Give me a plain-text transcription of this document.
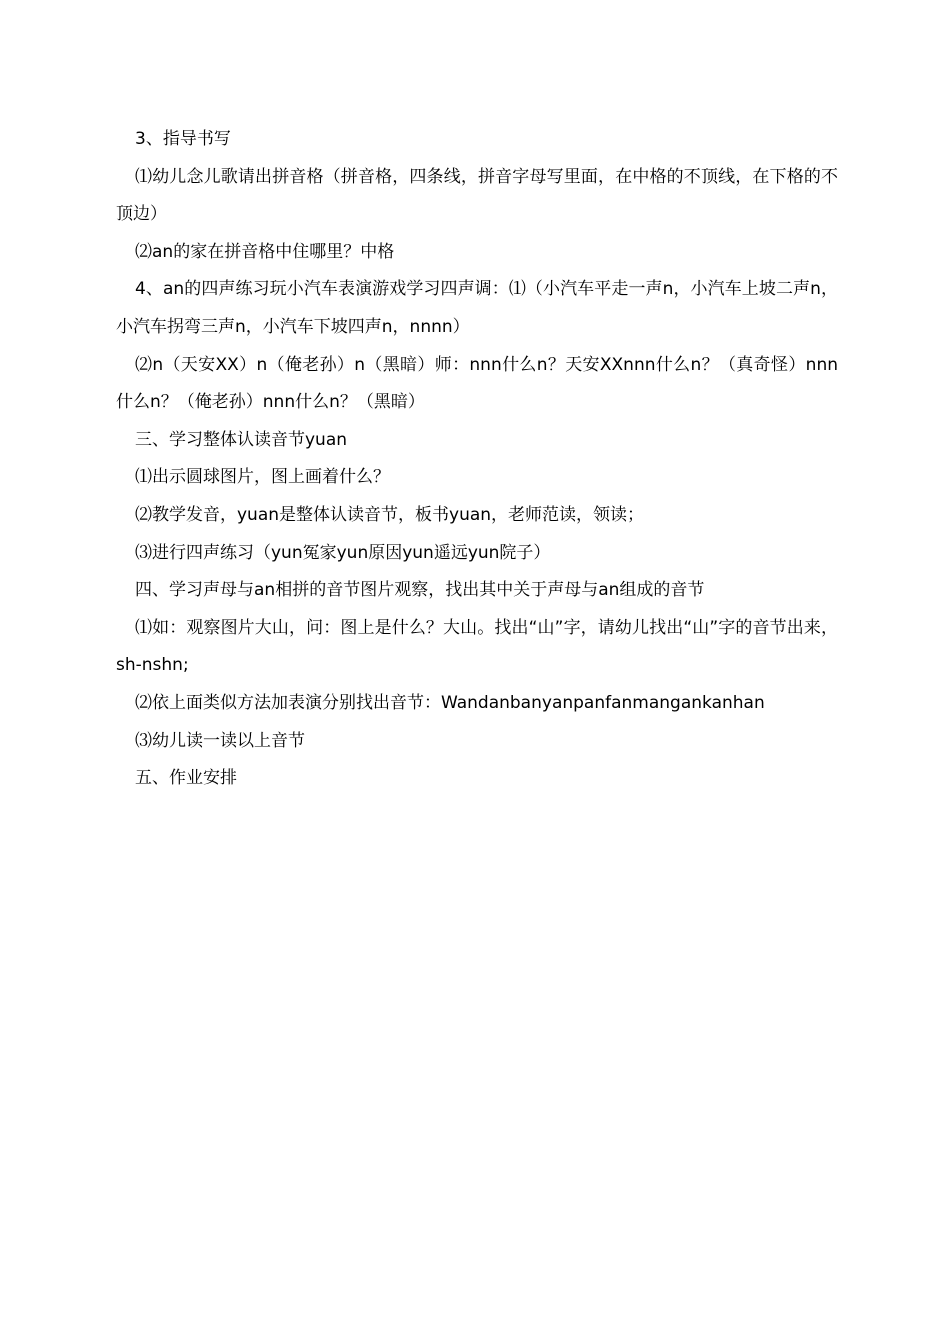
3、指导书写

⑴幼儿念儿歌请出拼音格（拼音格，四条线，拼音字母写里面，在中格的不顶线，在下格的不顶边）

⑵an的家在拼音格中住哪里？中格

4、an的四声练习玩小汽车表演游戏学习四声调：⑴（小汽车平走一声n，小汽车上坡二声n，小汽车拐弯三声n，小汽车下坡四声n，nnnn）

⑵n（天安XX）n（俺老孙）n（黑暗）师：nnn什么n？天安XXnnn什么n？（真奇怪）nnn什么n？（俺老孙）nnn什么n？（黑暗）

三、学习整体认读音节yuan

⑴出示圆球图片，图上画着什么？

⑵教学发音，yuan是整体认读音节，板书yuan，老师范读，领读；

⑶进行四声练习（yun冤家yun原因yun遥远yun院子）

四、学习声母与an相拼的音节图片观察，找出其中关于声母与an组成的音节

⑴如：观察图片大山，问：图上是什么？大山。找出“山”字，请幼儿找出“山”字的音节出来，sh-nshn;

⑵依上面类似方法加表演分别找出音节：Wandanbanyanpanfanmangankanhan

⑶幼儿读一读以上音节

五、作业安排
